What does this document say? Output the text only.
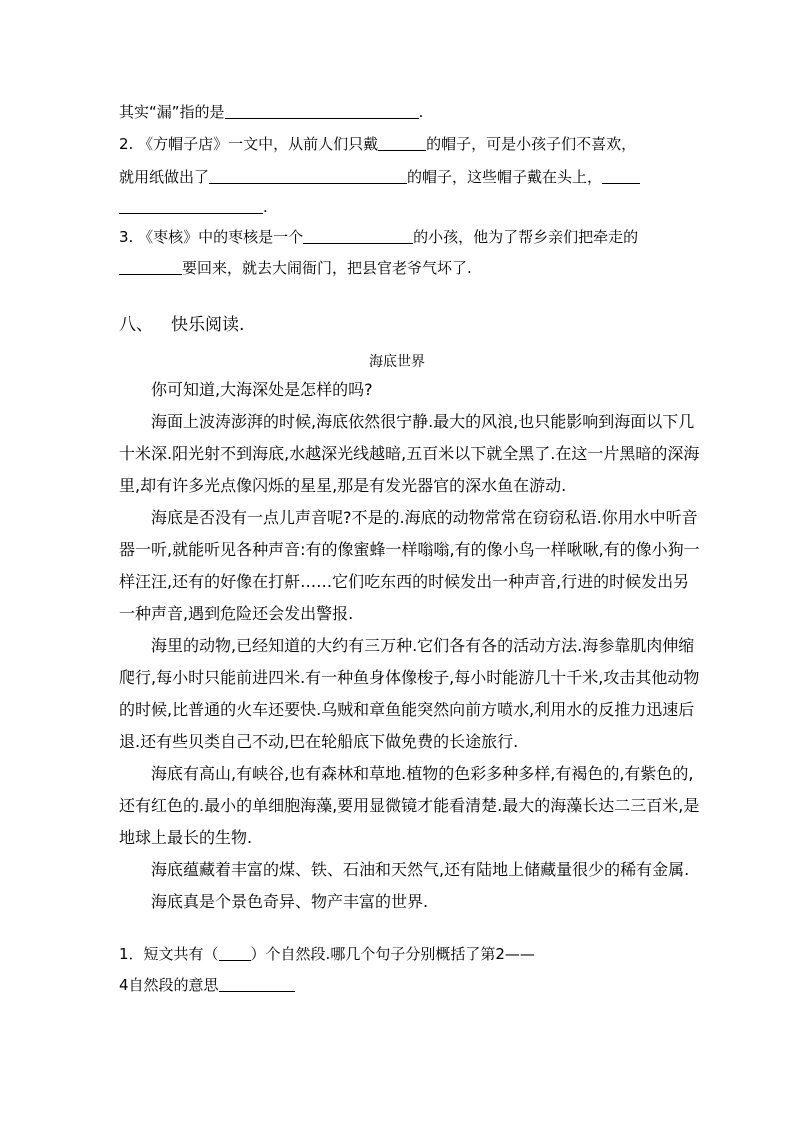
其实“漏”指的是	.
2. 《方帽子店》一文中，从前人们只戴	的帽子，可是小孩子们不喜欢，
就用纸做出了	的帽子，这些帽子戴在头上，
.
3. 《枣核》中的枣核是一个	的小孩，他为了帮乡亲们把牵走的
要回来，就去大闹衙门，把县官老爷气坏了.
八、 快乐阅读.
海底世界
你可知道,大海深处是怎样的吗?
海面上波涛澎湃的时候,海底依然很宁静.最大的风浪,也只能影响到海面以下几十米深.阳光射不到海底,水越深光线越暗,五百米以下就全黑了.在这一片黑暗的深海里,却有许多光点像闪烁的星星,那是有发光器官的深水鱼在游动.
海底是否没有一点儿声音呢?不是的.海底的动物常常在窃窃私语.你用水中听音器一听,就能听见各种声音:有的像蜜蜂一样嗡嗡,有的像小鸟一样啾啾,有的像小狗一样汪汪,还有的好像在打鼾……它们吃东西的时候发出一种声音,行进的时候发出另一种声音,遇到危险还会发出警报.
海里的动物,已经知道的大约有三万种.它们各有各的活动方法.海参靠肌肉伸缩爬行,每小时只能前进四米.有一种鱼身体像梭子,每小时能游几十千米,攻击其他动物的时候,比普通的火车还要快.乌贼和章鱼能突然向前方喷水,利用水的反推力迅速后退.还有些贝类自己不动,巴在轮船底下做免费的长途旅行.
海底有高山,有峡谷,也有森林和草地.植物的色彩多种多样,有褐色的,有紫色的,还有红色的.最小的单细胞海藻,要用显微镜才能看清楚.最大的海藻长达二三百米,是地球上最长的生物.
海底蕴藏着丰富的煤、铁、石油和天然气,还有陆地上储藏量很少的稀有金属.
海底真是个景色奇异、物产丰富的世界.
1．短文共有（ ）个自然段.哪几个句子分别概括了第2——
4自然段的意思
